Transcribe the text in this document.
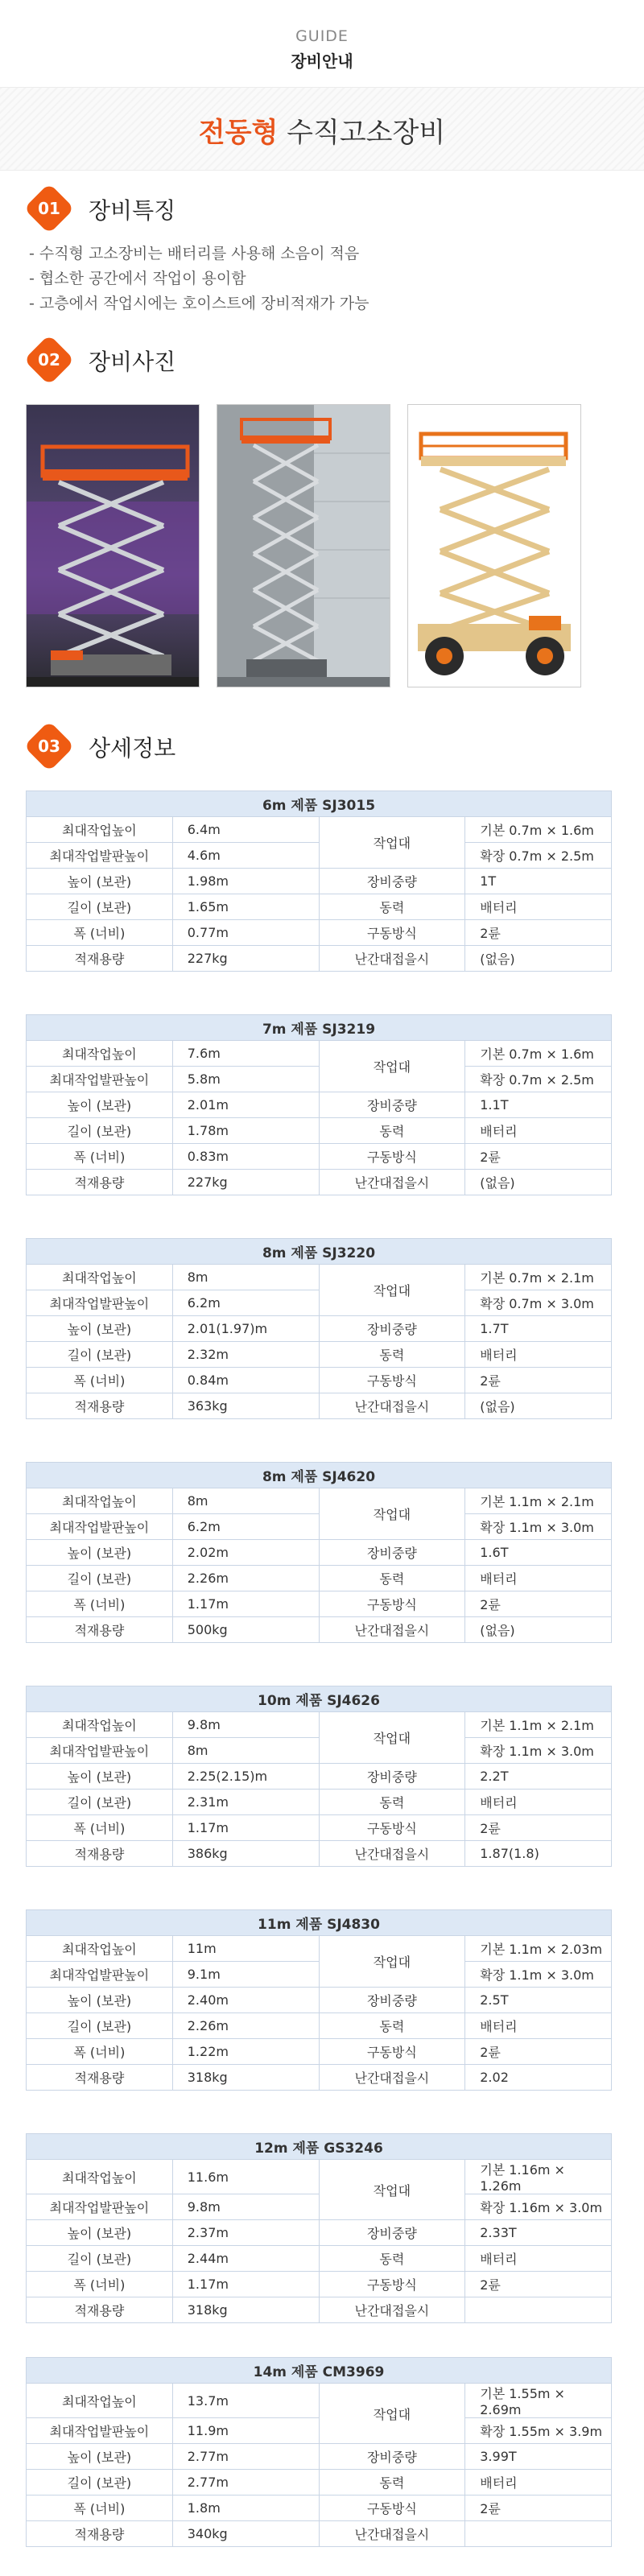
GUIDE
장비안내
전동형 수직고소장비
01	장비특징
- 수직형 고소장비는 배터리를 사용해 소음이 적음
- 협소한 공간에서 작업이 용이함
- 고층에서 작업시에는 호이스트에 장비적재가 가능
02	장비사진
03	상세정보
6m 제품 SJ3015			
최대작업높이	6.4m	작업대	기본 0.7m × 1.6m
최대작업발판높이	4.6m		확장 0.7m × 2.5m
높이 (보관)	1.98m	장비중량	1T
길이 (보관)	1.65m	동력	배터리
폭 (너비)	0.77m	구동방식	2륜
적재용량	227kg	난간대접을시	(없음)
7m 제품 SJ3219			
최대작업높이	7.6m	작업대	기본 0.7m × 1.6m
최대작업발판높이	5.8m		확장 0.7m × 2.5m
높이 (보관)	2.01m	장비중량	1.1T
길이 (보관)	1.78m	동력	배터리
폭 (너비)	0.83m	구동방식	2륜
적재용량	227kg	난간대접을시	(없음)
8m 제품 SJ3220			
최대작업높이	8m	작업대	기본 0.7m × 2.1m
최대작업발판높이	6.2m		확장 0.7m × 3.0m
높이 (보관)	2.01(1.97)m	장비중량	1.7T
길이 (보관)	2.32m	동력	배터리
폭 (너비)	0.84m	구동방식	2륜
적재용량	363kg	난간대접을시	(없음)
8m 제품 SJ4620			
최대작업높이	8m	작업대	기본 1.1m × 2.1m
최대작업발판높이	6.2m		확장 1.1m × 3.0m
높이 (보관)	2.02m	장비중량	1.6T
길이 (보관)	2.26m	동력	배터리
폭 (너비)	1.17m	구동방식	2륜
적재용량	500kg	난간대접을시	(없음)
10m 제품 SJ4626			
최대작업높이	9.8m	작업대	기본 1.1m × 2.1m
최대작업발판높이	8m		확장 1.1m × 3.0m
높이 (보관)	2.25(2.15)m	장비중량	2.2T
길이 (보관)	2.31m	동력	배터리
폭 (너비)	1.17m	구동방식	2륜
적재용량	386kg	난간대접을시	1.87(1.8)
11m 제품 SJ4830			
최대작업높이	11m	작업대	기본 1.1m × 2.03m
최대작업발판높이	9.1m		확장 1.1m × 3.0m
높이 (보관)	2.40m	장비중량	2.5T
길이 (보관)	2.26m	동력	배터리
폭 (너비)	1.22m	구동방식	2륜
적재용량	318kg	난간대접을시	2.02
12m 제품 GS3246			
최대작업높이	11.6m	작업대	기본 1.16m × 1.26m
최대작업발판높이	9.8m		확장 1.16m × 3.0m
높이 (보관)	2.37m	장비중량	2.33T
길이 (보관)	2.44m	동력	배터리
폭 (너비)	1.17m	구동방식	2륜
적재용량	318kg	난간대접을시	
14m 제품 CM3969			
최대작업높이	13.7m	작업대	기본 1.55m × 2.69m
최대작업발판높이	11.9m		확장 1.55m × 3.9m
높이 (보관)	2.77m	장비중량	3.99T
길이 (보관)	2.77m	동력	배터리
폭 (너비)	1.8m	구동방식	2륜
적재용량	340kg	난간대접을시	
